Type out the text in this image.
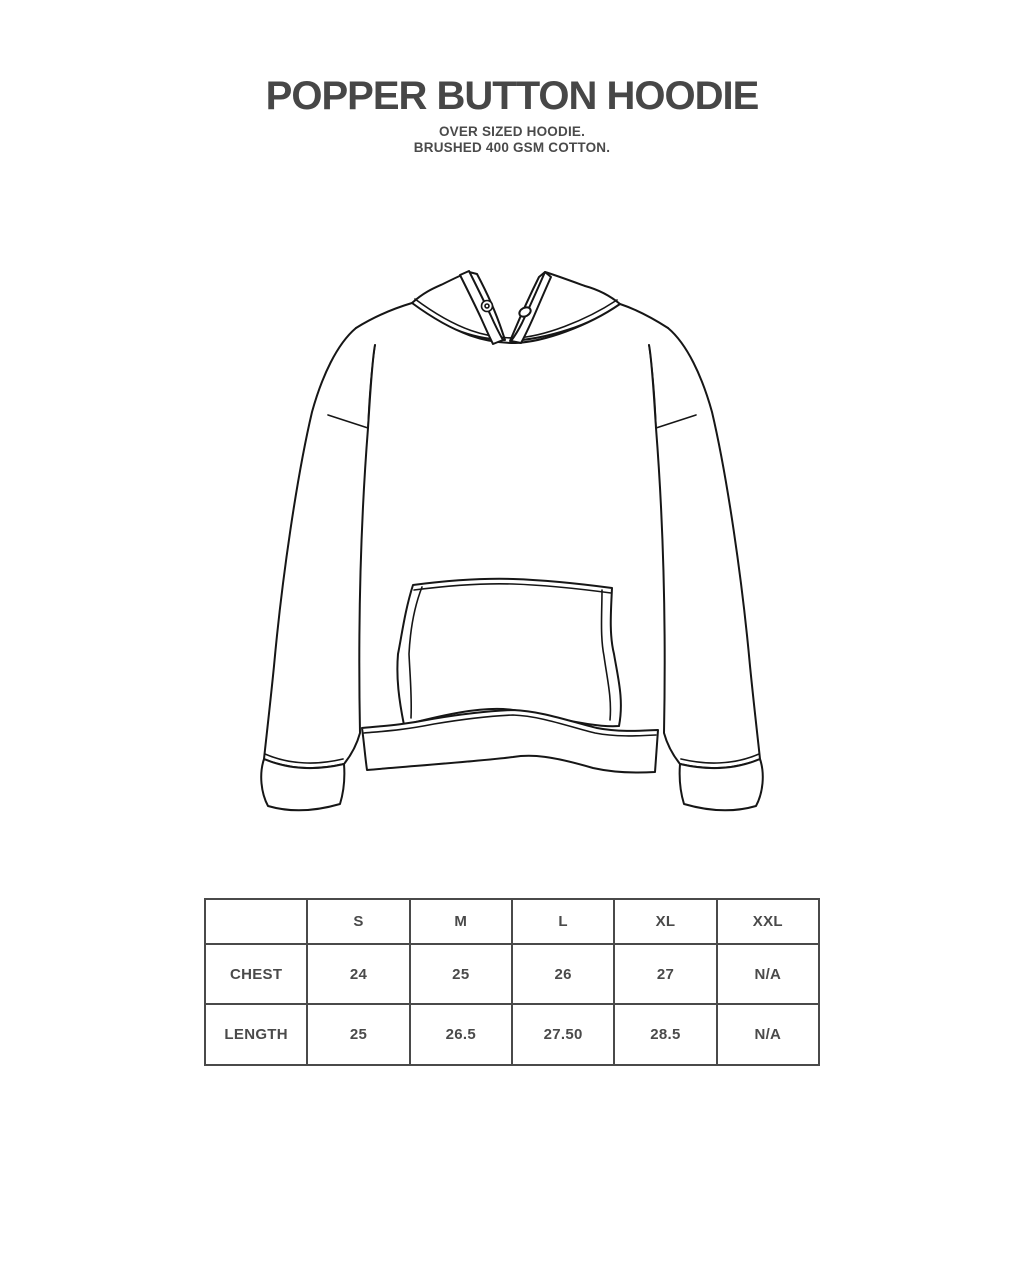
POPPER BUTTON HOODIE
OVER SIZED HOODIE.
BRUSHED 400 GSM COTTON.
	S	M	L	XL	XXL
CHEST	24	25	26	27	N/A
LENGTH	25	26.5	27.50	28.5	N/A
